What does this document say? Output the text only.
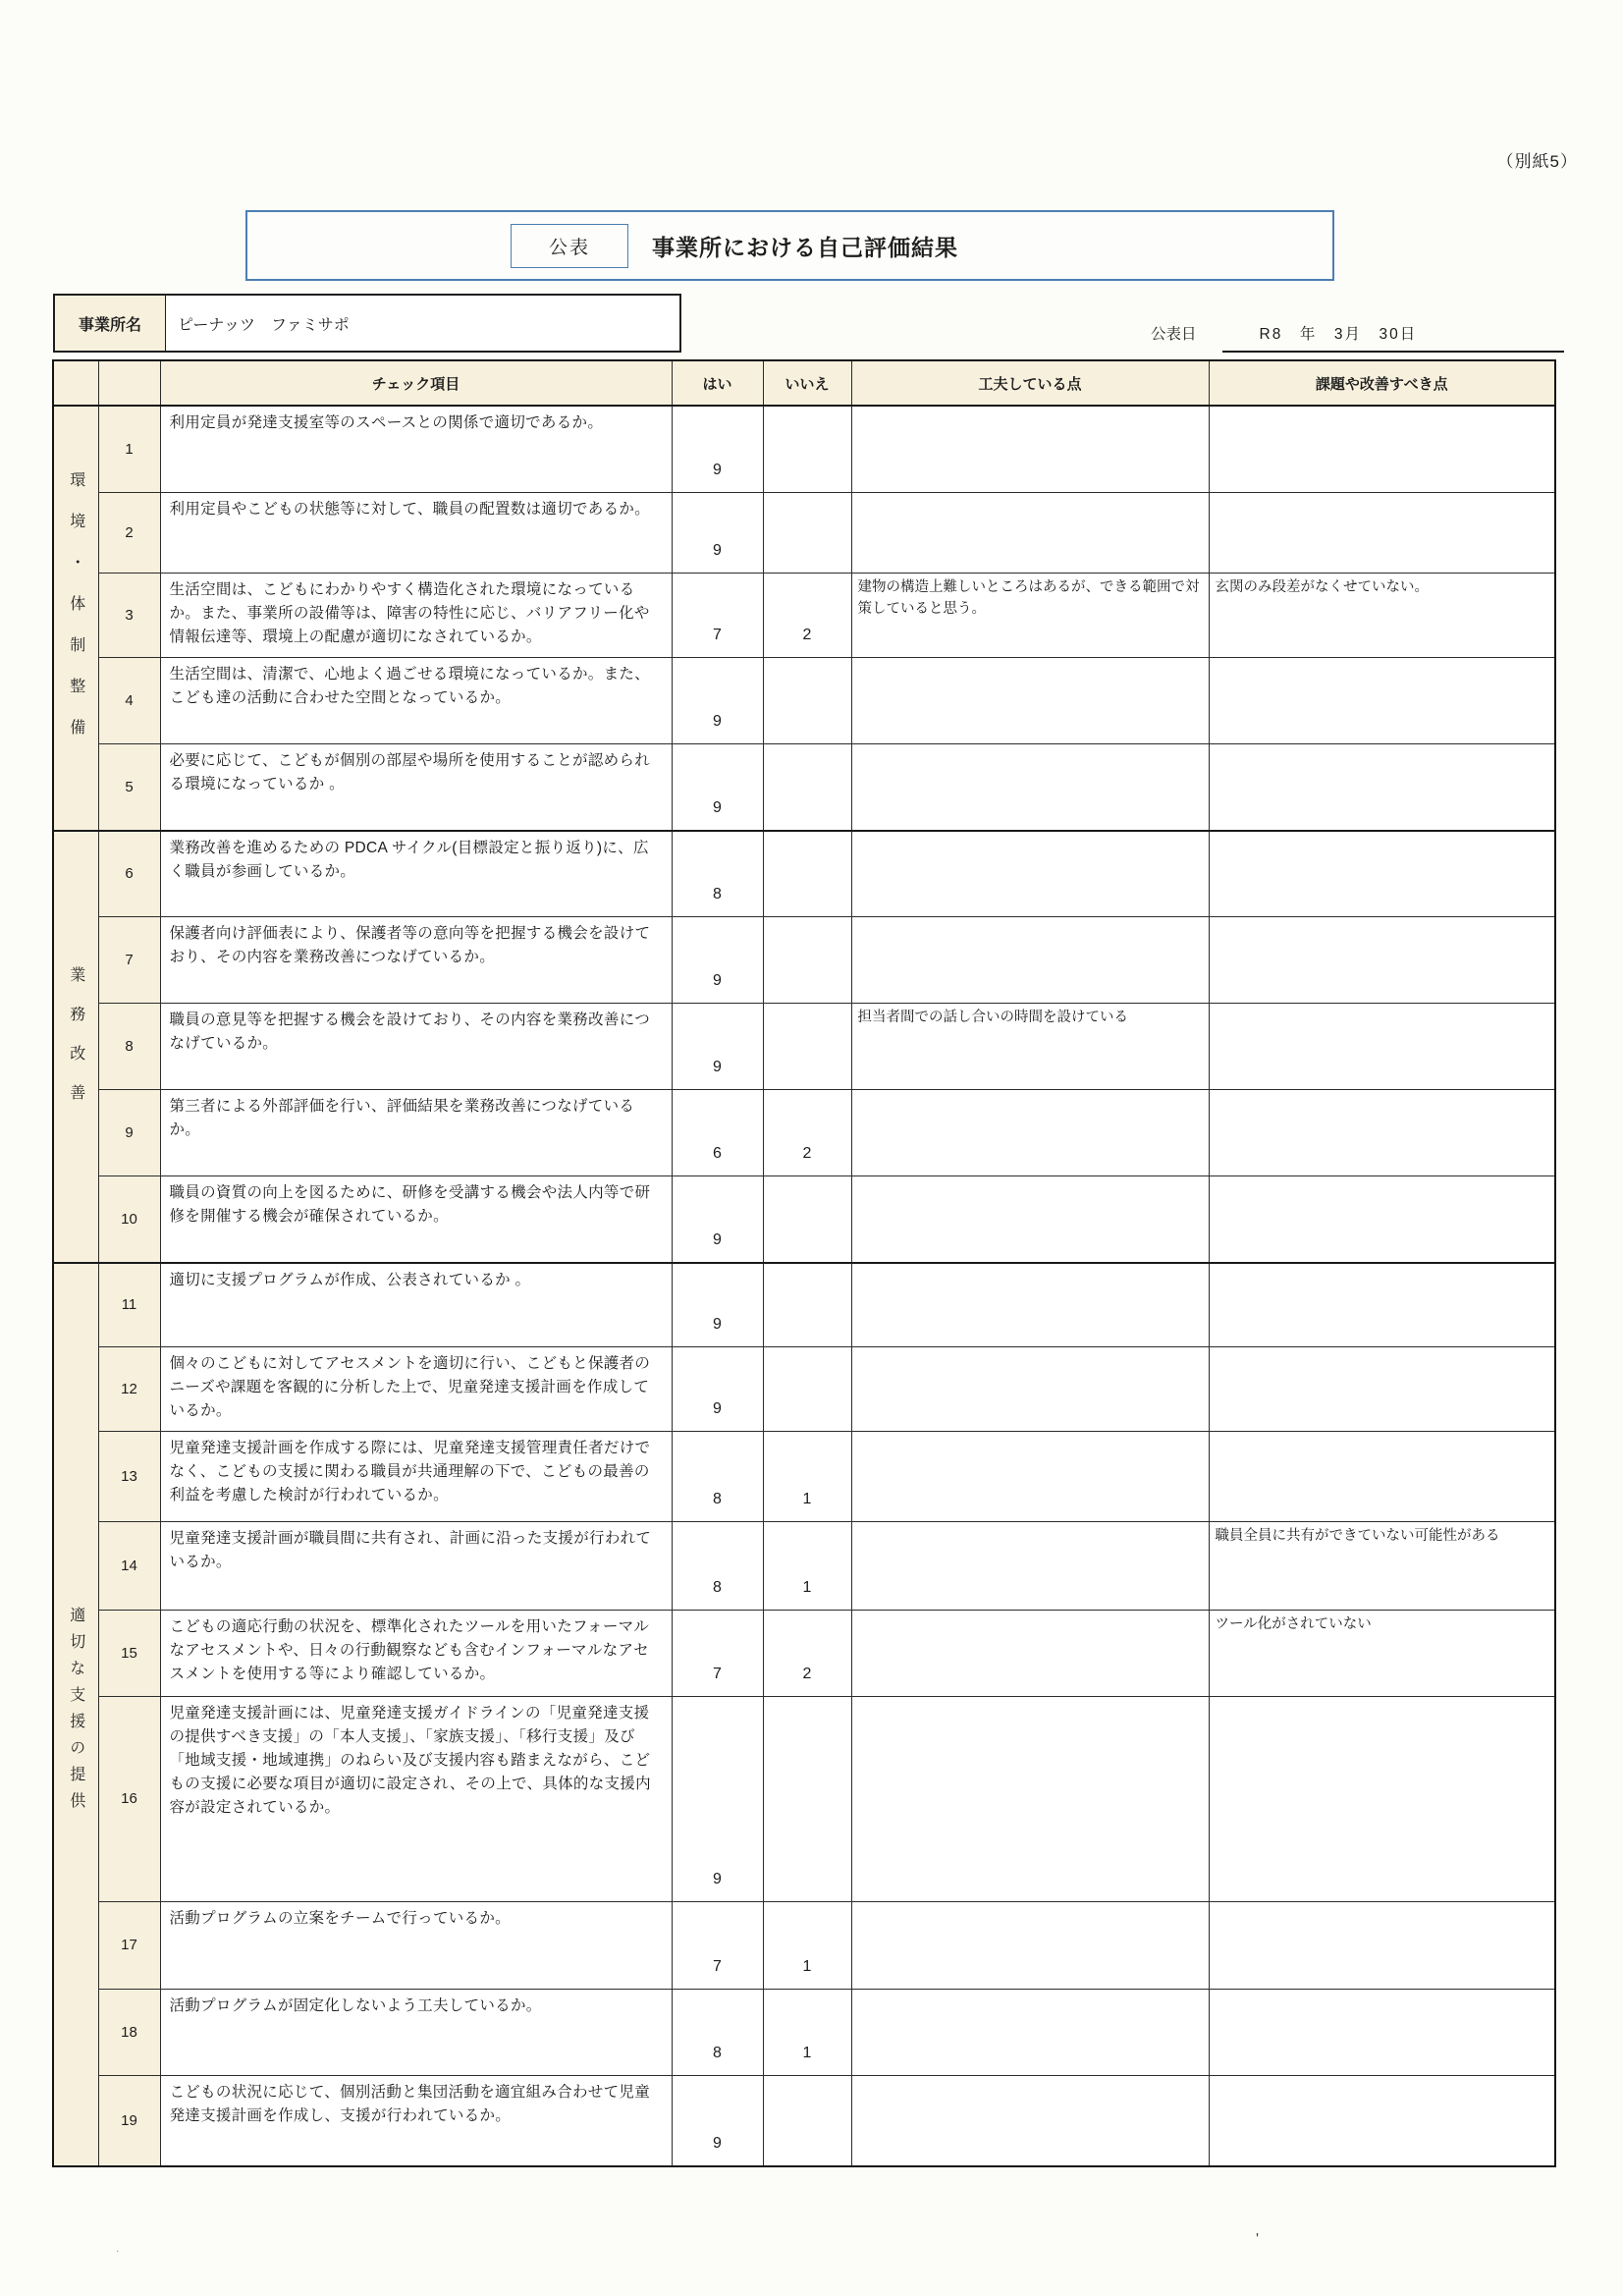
（別紙5）
公表	事業所における自己評価結果
事業所名	ピーナッツ　ファミサポ
公表日	R8　年　3月　30日
		チェック項目	はい	いいえ	工夫している点	課題や改善すべき点
環境・体制整備	1	利用定員が発達支援室等のスペースとの関係で適切であるか。	9			
	2	利用定員やこどもの状態等に対して、職員の配置数は適切であるか。	9			
	3	生活空間は、こどもにわかりやすく構造化された環境になっているか。また、事業所の設備等は、障害の特性に応じ、バリアフリー化や情報伝達等、環境上の配慮が適切になされているか。	7	2	建物の構造上難しいところはあるが、できる範囲で対策していると思う。	玄関のみ段差がなくせていない。
	4	生活空間は、清潔で、心地よく過ごせる環境になっているか。また、こども達の活動に合わせた空間となっているか。	9			
	5	必要に応じて、こどもが個別の部屋や場所を使用することが認められる環境になっているか 。	9			
業務改善	6	業務改善を進めるための PDCA サイクル(目標設定と振り返り)に、広く職員が参画しているか。	8			
	7	保護者向け評価表により、保護者等の意向等を把握する機会を設けており、その内容を業務改善につなげているか。	9			
	8	職員の意見等を把握する機会を設けており、その内容を業務改善につなげているか。	9		担当者間での話し合いの時間を設けている	
	9	第三者による外部評価を行い、評価結果を業務改善につなげているか。	6	2		
	10	職員の資質の向上を図るために、研修を受講する機会や法人内等で研修を開催する機会が確保されているか。	9			
適切な支援の提供	11	適切に支援プログラムが作成、公表されているか 。	9			
	12	個々のこどもに対してアセスメントを適切に行い、こどもと保護者のニーズや課題を客観的に分析した上で、児童発達支援計画を作成しているか。	9			
	13	児童発達支援計画を作成する際には、児童発達支援管理責任者だけでなく、こどもの支援に関わる職員が共通理解の下で、こどもの最善の利益を考慮した検討が行われているか。	8	1		
	14	児童発達支援計画が職員間に共有され、計画に沿った支援が行われているか。	8	1		職員全員に共有ができていない可能性がある
	15	こどもの適応行動の状況を、標準化されたツールを用いたフォーマルなアセスメントや、日々の行動観察なども含むインフォーマルなアセスメントを使用する等により確認しているか。	7	2		ツール化がされていない
	16	児童発達支援計画には、児童発達支援ガイドラインの「児童発達支援の提供すべき支援」の「本人支援」、「家族支援」、「移行支援」及び「地域支援・地域連携」のねらい及び支援内容も踏まえながら、こどもの支援に必要な項目が適切に設定され、その上で、具体的な支援内容が設定されているか。	9			
	17	活動プログラムの立案をチームで行っているか。	7	1		
	18	活動プログラムが固定化しないよう工夫しているか。	8	1		
	19	こどもの状況に応じて、個別活動と集団活動を適宜組み合わせて児童発達支援計画を作成し、支援が行われているか。	9			
'
.
